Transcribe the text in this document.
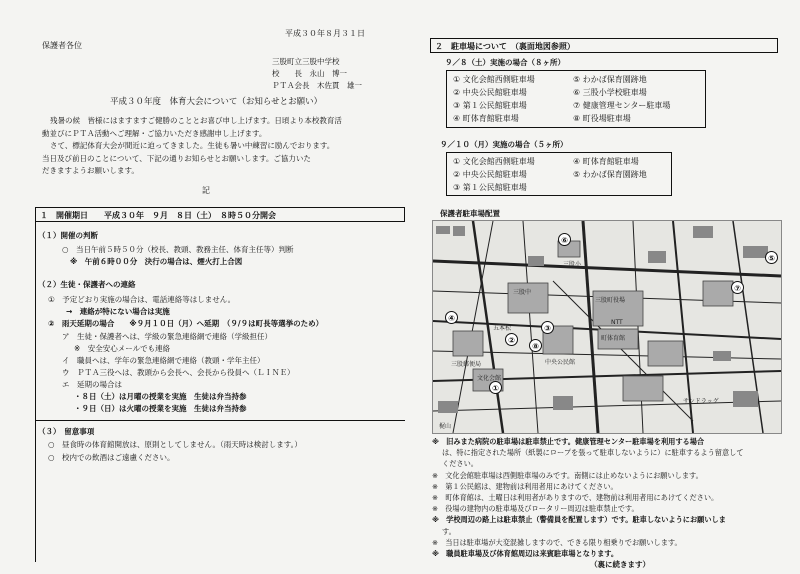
平成３０年８月３１日
保護者各位
三股町立三股中学校
校　　長　永山　博一
ＰＴＡ会長　木佐貫　雄一
平成３０年度　体育大会について（お知らせとお願い）
残暑の候　皆様にはますますご健勝のこととお喜び申し上げます。日頃より本校教育活
動並びにＰＴＡ活動へご理解・ご協力いただき感謝申し上げます。
さて、標記体育大会が間近に迫ってきました。生徒も暑い中練習に励んでおります。
当日及び前日のことについて、下記の通りお知らせとお願いします。ご協力いた
だきますようお願いします。
記
１　開催期日　　平成３０年　９月　８日（土）　８時５０分開会
（１）開催の判断
○　当日午前５時５０分（校長、教頭、教務主任、体育主任等）判断
※　午前６時００分　決行の場合は、煙火打上合図
（２）生徒・保護者への連絡
①　予定どおり実施の場合は、電話連絡等はしません。
→　連絡が特にない場合は実施
②　雨天延期の場合　　※９月１０日（月）へ延期　（９/９は町長等選挙のため）
ア　生徒・保護者へは、学級の緊急連絡網で連絡（学級担任）
※　安全安心メールでも連絡
イ　職員へは、学年の緊急連絡網で連絡（教頭・学年主任）
ウ　ＰＴＡ三役へは、教頭から会長へ、会長から役員へ（ＬＩＮＥ）
エ　延期の場合は
・８日（土）は月曜の授業を実施　生徒は弁当持参
・９日（日）は火曜の授業を実施　生徒は弁当持参
（３）　留意事項
○　昼食時の体育館開放は、原則としてしません。（雨天時は検討します。）
○　校内での飲酒はご遠慮ください。
２　駐車場について　（裏面地図参照）
９／８（土）実施の場合（８ヶ所）
① 文化会館西側駐車場	⑤ わかば保育園跡地
② 中央公民館駐車場	⑥ 三股小学校駐車場
③ 第１公民館駐車場	⑦ 健康管理センター駐車場
④ 町体育館駐車場	⑧ 町役場駐車場
９／１０（月）実施の場合（５ヶ所）
① 文化会館西側駐車場	④ 町体育館駐車場
② 中央公民館駐車場	⑤ わかば保育園跡地
③ 第１公民館駐車場
保護者駐車場配置
⑥
⑤
⑦
④
②
③
⑧
①
三股小
三股中
三股町役場
町体育館
NTT
文化会館
梶山
五本松
中央公民館
三股郵便局
サンドラッグ
※　旧みまた病院の駐車場は駐車禁止です。健康管理センター駐車場を利用する場合
は、特に指定された場所（紙製にロープを張って駐車しないように）に駐車するよう留意して
ください。
※　文化会館駐車場は西側駐車場のみです。南側には止めないようにお願いします。
※　第１公民館は、建物前は利用者用にあけてください。
※　町体育館は、土曜日は利用者がありますので、建物前は利用者用にあけてください。
※　役場の建物内の駐車場及びロータリー周辺は駐車禁止です。
※　学校周辺の路上は駐車禁止（警備員を配置します）です。駐車しないようにお願いしま
す。
※　当日は駐車場が大変混雑しますので、できる限り相乗りでお願いします。
※　職員駐車場及び体育館周辺は来賓駐車場となります。
（裏に続きます）
